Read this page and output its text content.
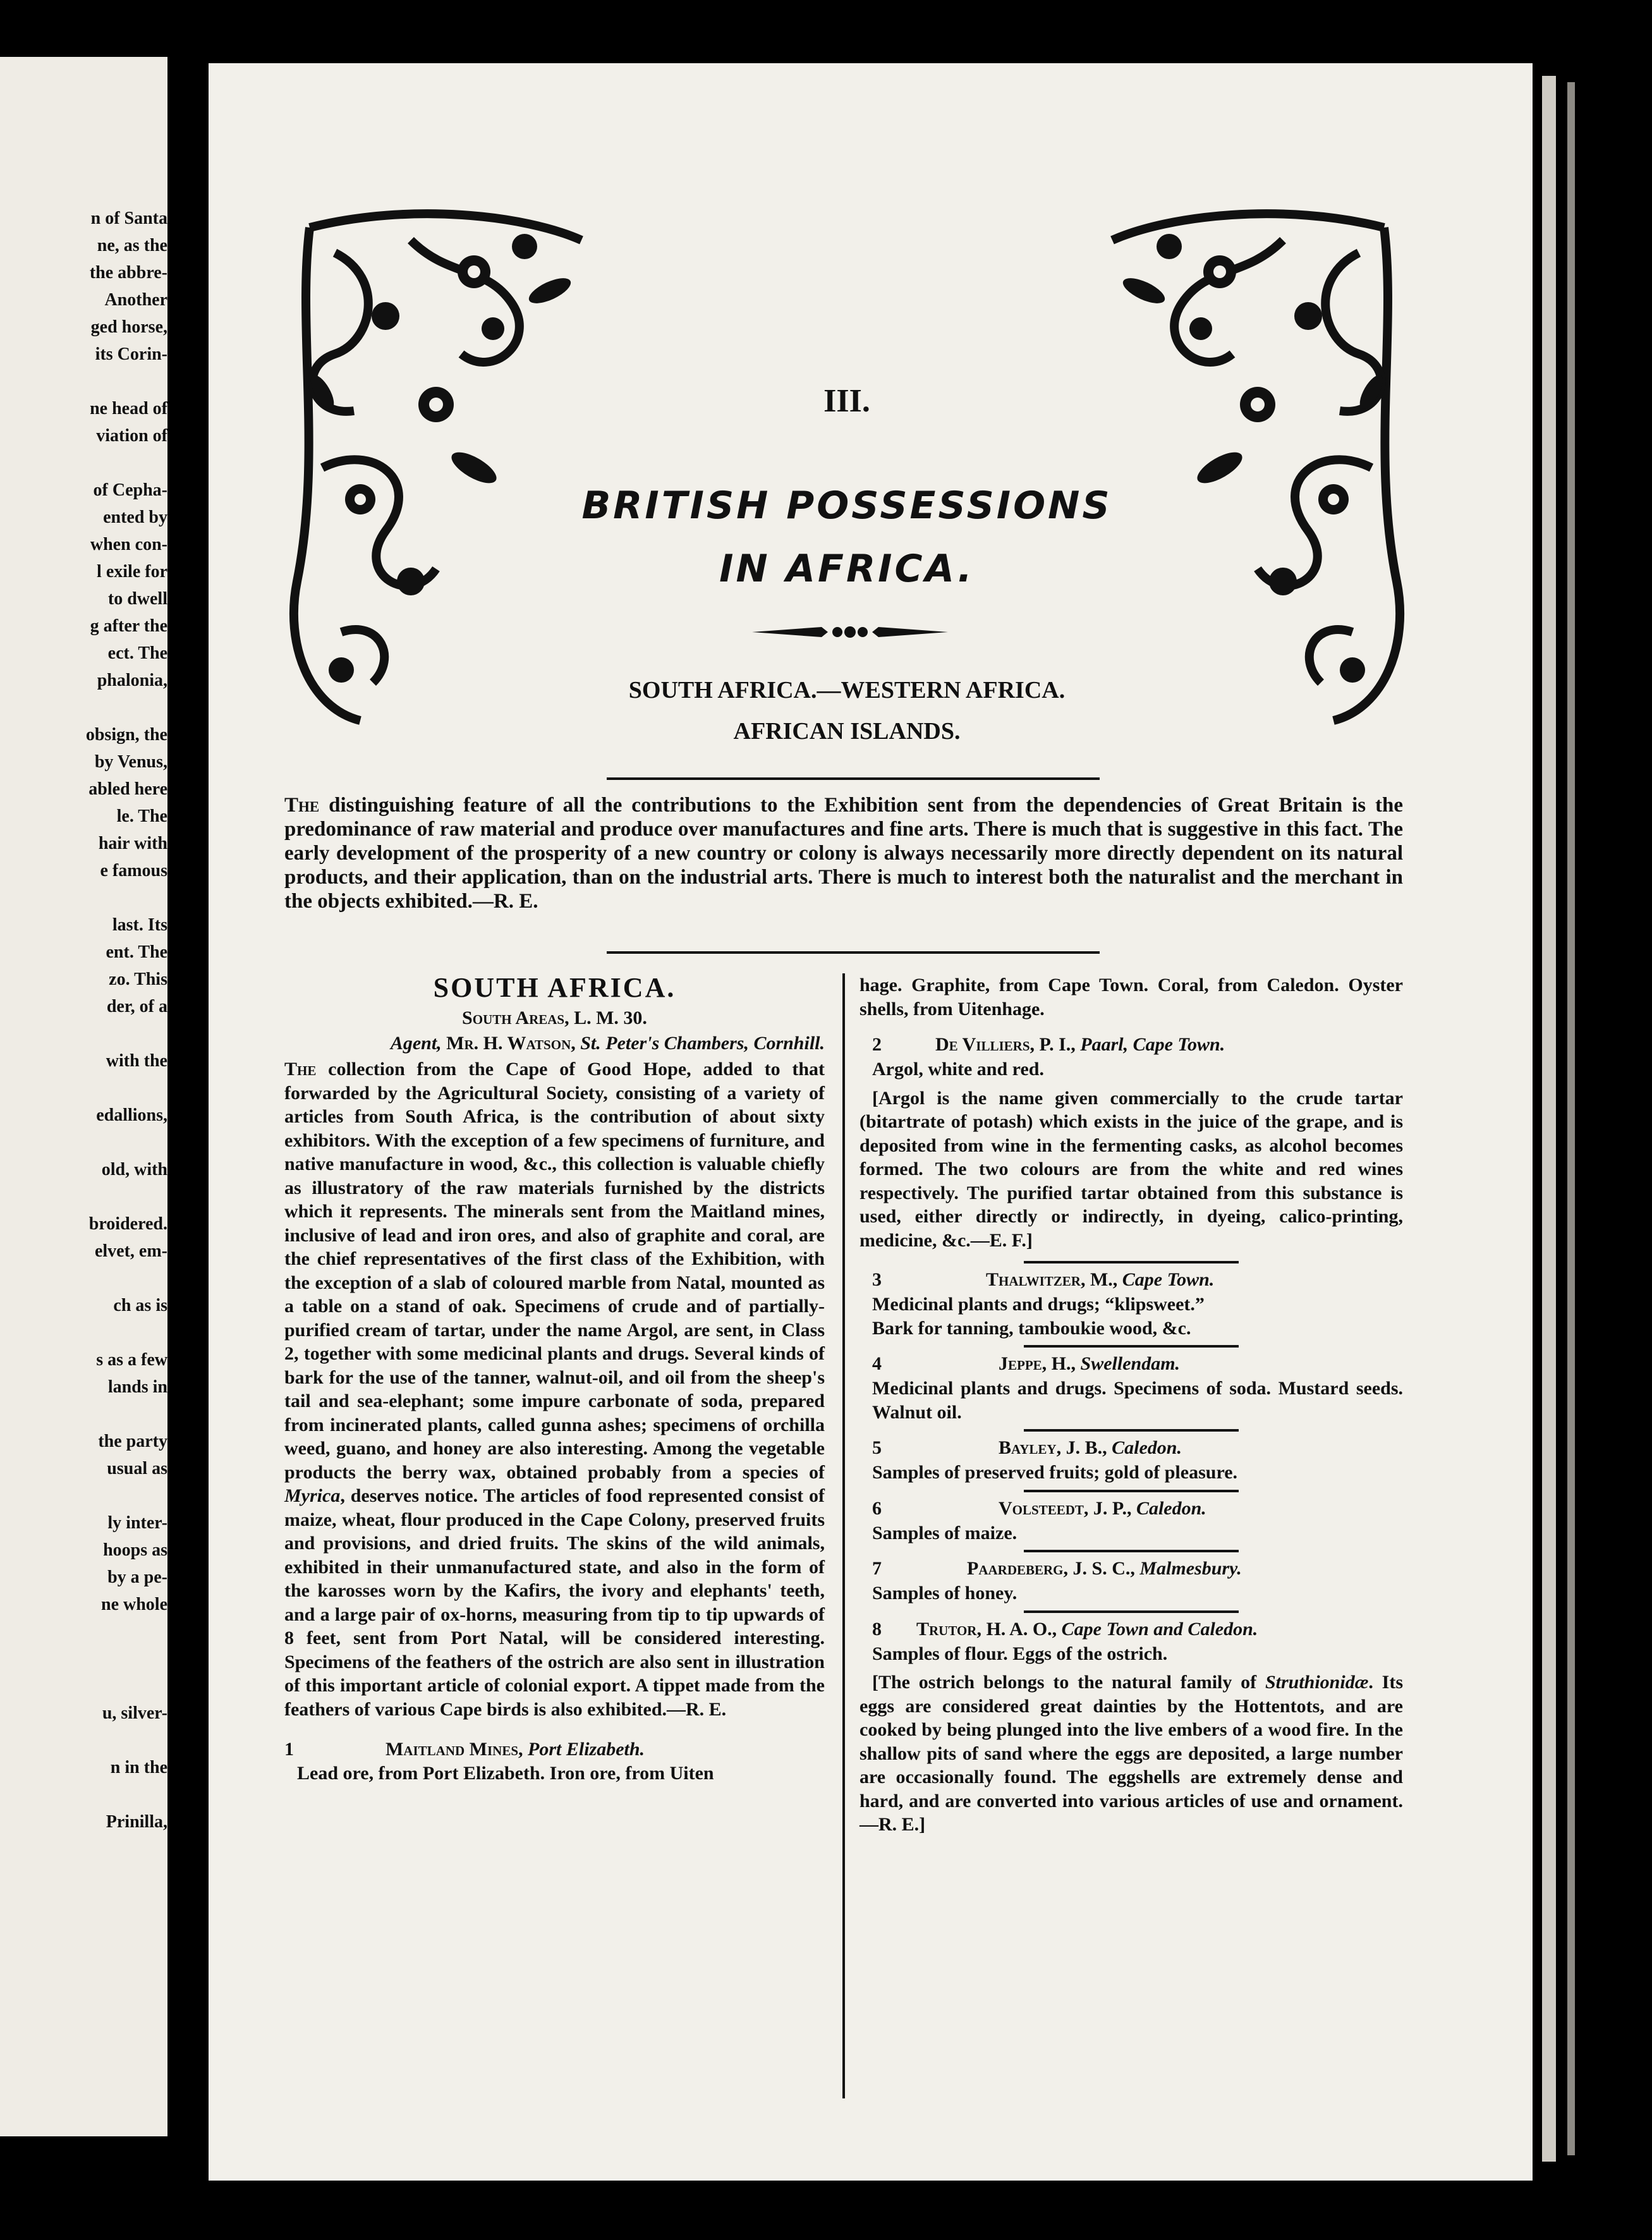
n of Santa
ne, as the
the abbre-
Another
ged horse,
its Corin-
ne head of
viation of
of Cepha-
ented by
when con-
l exile for
to dwell
g after the
ect. The
phalonia,
obsign, the
by Venus,
abled here
le. The
hair with
e famous
last. Its
ent. The
zo. This
der, of a
with the
edallions,
old, with
broidered.
elvet, em-
ch as is
s as a few
lands in
the party
usual as
ly inter-
hoops as
by a pe-
ne whole
u, silver-
n in the
Prinilla,
III.
BRITISH POSSESSIONS
IN AFRICA.
SOUTH AFRICA.—WESTERN AFRICA.
AFRICAN ISLANDS.
The distinguishing feature of all the contributions to the Exhibition sent from the dependencies of Great Britain is the predominance of raw material and produce over manufactures and fine arts. There is much that is suggestive in this fact. The early development of the prosperity of a new country or colony is always necessarily more directly dependent on its natural products, and their application, than on the industrial arts. There is much to interest both the naturalist and the merchant in the objects exhibited.—R. E.
SOUTH AFRICA.
South Areas, L. M. 30.
Agent, Mr. H. Watson, St. Peter's Chambers, Cornhill.
The collection from the Cape of Good Hope, added to that forwarded by the Agricultural Society, consisting of a variety of articles from South Africa, is the contribution of about sixty exhibitors. With the exception of a few specimens of furniture, and native manufacture in wood, &c., this collection is valuable chiefly as illustratory of the raw materials furnished by the districts which it represents. The minerals sent from the Maitland mines, inclusive of lead and iron ores, and also of graphite and coral, are the chief representatives of the first class of the Exhibition, with the exception of a slab of coloured marble from Natal, mounted as a table on a stand of oak. Specimens of crude and of partially-purified cream of tartar, under the name Argol, are sent, in Class 2, together with some medicinal plants and drugs. Several kinds of bark for the use of the tanner, walnut-oil, and oil from the sheep's tail and sea-elephant; some impure carbonate of soda, prepared from incinerated plants, called gunna ashes; specimens of orchilla weed, guano, and honey are also interesting. Among the vegetable products the berry wax, obtained probably from a species of Myrica, deserves notice. The articles of food represented consist of maize, wheat, flour produced in the Cape Colony, preserved fruits and provisions, and dried fruits. The skins of the wild animals, exhibited in their unmanufactured state, and also in the form of the karosses worn by the Kafirs, the ivory and elephants' teeth, and a large pair of ox-horns, measuring from tip to tip upwards of 8 feet, sent from Port Natal, will be considered interesting. Specimens of the feathers of the ostrich are also sent in illustration of this important article of colonial export. A tippet made from the feathers of various Cape birds is also exhibited.—R. E.
1	Maitland Mines, Port Elizabeth.
Lead ore, from Port Elizabeth. Iron ore, from Uiten
hage. Graphite, from Cape Town. Coral, from Caledon. Oyster shells, from Uitenhage.
2	De Villiers, P. I., Paarl, Cape Town.
Argol, white and red.
[Argol is the name given commercially to the crude tartar (bitartrate of potash) which exists in the juice of the grape, and is deposited from wine in the fermenting casks, as alcohol becomes formed. The two colours are from the white and red wines respectively. The purified tartar obtained from this substance is used, either directly or indirectly, in dyeing, calico-printing, medicine, &c.—E. F.]
3	Thalwitzer, M., Cape Town.
Medicinal plants and drugs; “klipsweet.”
Bark for tanning, tamboukie wood, &c.
4	Jeppe, H., Swellendam.
Medicinal plants and drugs. Specimens of soda. Mustard seeds. Walnut oil.
5	Bayley, J. B., Caledon.
Samples of preserved fruits; gold of pleasure.
6	Volsteedt, J. P., Caledon.
Samples of maize.
7	Paardeberg, J. S. C., Malmesbury.
Samples of honey.
8 Trutor, H. A. O., Cape Town and Caledon.
Samples of flour. Eggs of the ostrich.
[The ostrich belongs to the natural family of Struthionidæ. Its eggs are considered great dainties by the Hottentots, and are cooked by being plunged into the live embers of a wood fire. In the shallow pits of sand where the eggs are deposited, a large number are occasionally found. The eggshells are extremely dense and hard, and are converted into various articles of use and ornament.—R. E.]
